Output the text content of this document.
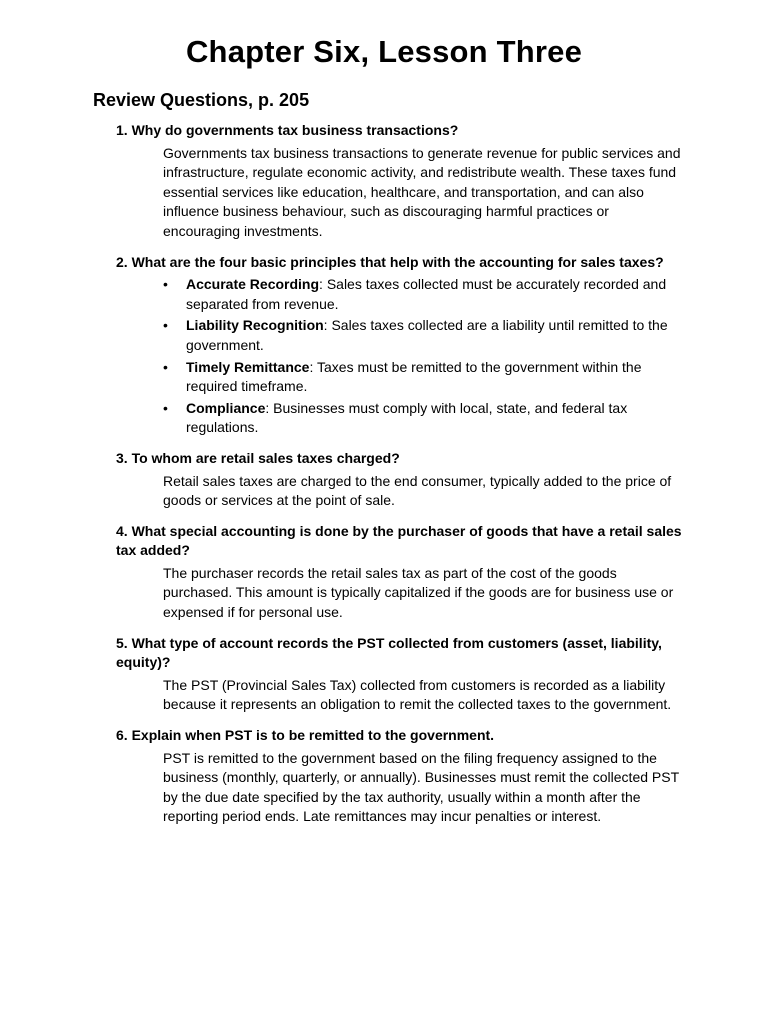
Chapter Six, Lesson Three
Review Questions, p. 205
1. Why do governments tax business transactions?
Governments tax business transactions to generate revenue for public services and infrastructure, regulate economic activity, and redistribute wealth. These taxes fund essential services like education, healthcare, and transportation, and can also influence business behaviour, such as discouraging harmful practices or encouraging investments.
2. What are the four basic principles that help with the accounting for sales taxes?
• Accurate Recording: Sales taxes collected must be accurately recorded and separated from revenue.
• Liability Recognition: Sales taxes collected are a liability until remitted to the government.
• Timely Remittance: Taxes must be remitted to the government within the required timeframe.
• Compliance: Businesses must comply with local, state, and federal tax regulations.
3. To whom are retail sales taxes charged?
Retail sales taxes are charged to the end consumer, typically added to the price of goods or services at the point of sale.
4. What special accounting is done by the purchaser of goods that have a retail sales tax added?
The purchaser records the retail sales tax as part of the cost of the goods purchased. This amount is typically capitalized if the goods are for business use or expensed if for personal use.
5. What type of account records the PST collected from customers (asset, liability, equity)?
The PST (Provincial Sales Tax) collected from customers is recorded as a liability because it represents an obligation to remit the collected taxes to the government.
6. Explain when PST is to be remitted to the government.
PST is remitted to the government based on the filing frequency assigned to the business (monthly, quarterly, or annually). Businesses must remit the collected PST by the due date specified by the tax authority, usually within a month after the reporting period ends. Late remittances may incur penalties or interest.
